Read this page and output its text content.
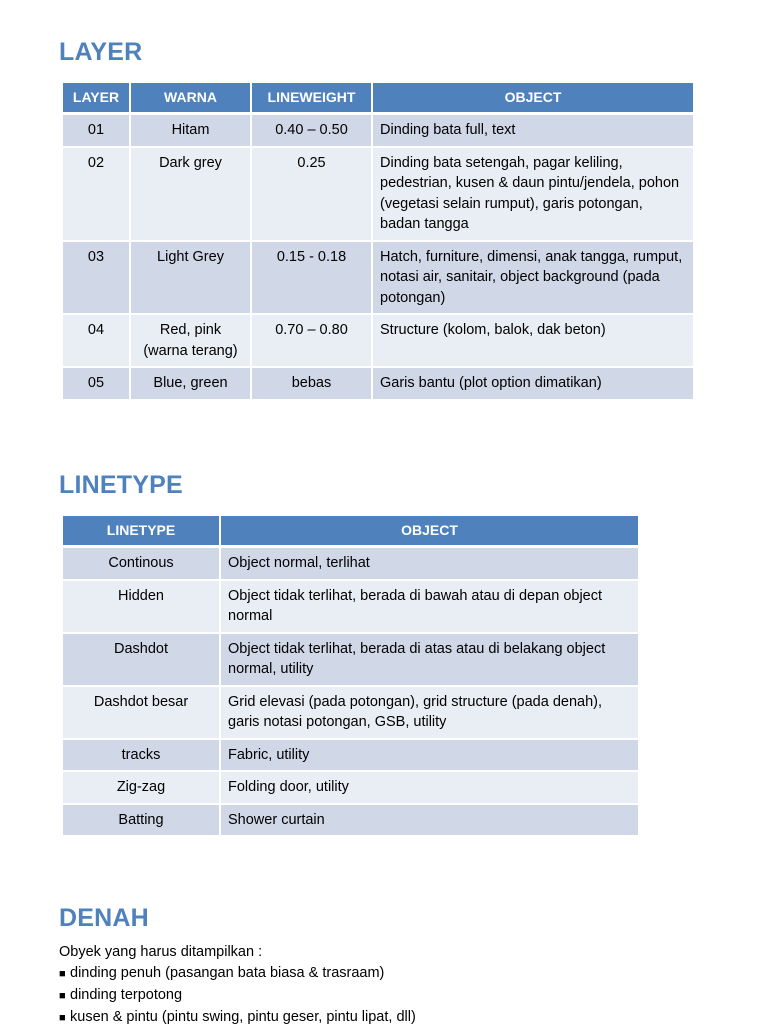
LAYER
LAYER	WARNA	LINEWEIGHT	OBJECT
01	Hitam	0.40 – 0.50	Dinding bata full, text
02	Dark grey	0.25	Dinding bata setengah, pagar keliling, pedestrian, kusen & daun pintu/jendela, pohon (vegetasi selain rumput), garis potongan, badan tangga
03	Light Grey	0.15 - 0.18	Hatch, furniture, dimensi, anak tangga, rumput, notasi air, sanitair, object background (pada potongan)
04	Red, pink (warna terang)	0.70 – 0.80	Structure (kolom, balok, dak beton)
05	Blue, green	bebas	Garis bantu (plot option dimatikan)
LINETYPE
LINETYPE	OBJECT
Continous	Object normal, terlihat
Hidden	Object tidak terlihat, berada di bawah atau di depan object normal
Dashdot	Object tidak terlihat, berada di atas atau di belakang object normal, utility
Dashdot besar	Grid elevasi (pada potongan), grid structure (pada denah), garis notasi potongan, GSB, utility
tracks	Fabric, utility
Zig-zag	Folding door, utility
Batting	Shower curtain
DENAH
Obyek yang harus ditampilkan :
■ dinding penuh (pasangan bata biasa & trasraam)
■ dinding terpotong
■ kusen & pintu (pintu swing, pintu geser, pintu lipat, dll)
